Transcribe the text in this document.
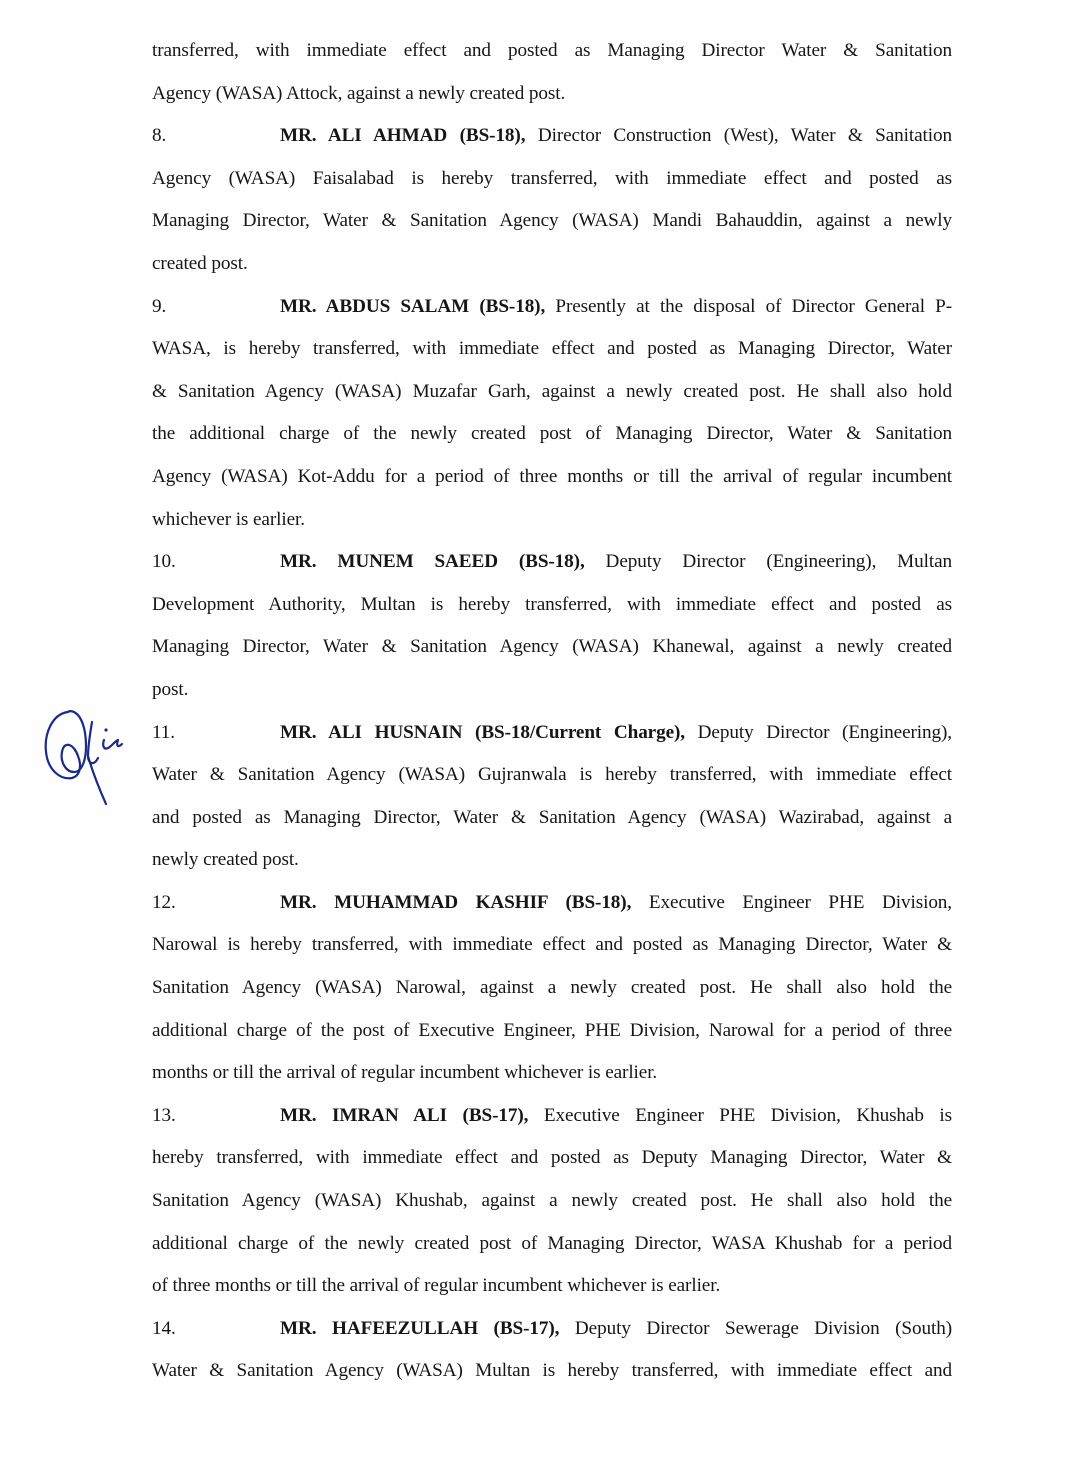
transferred, with immediate effect and posted as Managing Director Water & Sanitation
Agency (WASA) Attock, against a newly created post.
8.	MR. ALI AHMAD (BS-18), Director Construction (West), Water & Sanitation
Agency (WASA) Faisalabad is hereby transferred, with immediate effect and posted as
Managing Director, Water & Sanitation Agency (WASA) Mandi Bahauddin, against a newly
created post.
9.	MR. ABDUS SALAM (BS-18), Presently at the disposal of Director General P-
WASA, is hereby transferred, with immediate effect and posted as Managing Director, Water
& Sanitation Agency (WASA) Muzafar Garh, against a newly created post. He shall also hold
the additional charge of the newly created post of Managing Director, Water & Sanitation
Agency (WASA) Kot-Addu for a period of three months or till the arrival of regular incumbent
whichever is earlier.
10.	MR. MUNEM SAEED (BS-18), Deputy Director (Engineering), Multan
Development Authority, Multan is hereby transferred, with immediate effect and posted as
Managing Director, Water & Sanitation Agency (WASA) Khanewal, against a newly created
post.
11.	MR. ALI HUSNAIN (BS-18/Current Charge), Deputy Director (Engineering),
Water & Sanitation Agency (WASA) Gujranwala is hereby transferred, with immediate effect
and posted as Managing Director, Water & Sanitation Agency (WASA) Wazirabad, against a
newly created post.
12.	MR. MUHAMMAD KASHIF (BS-18), Executive Engineer PHE Division,
Narowal is hereby transferred, with immediate effect and posted as Managing Director, Water &
Sanitation Agency (WASA) Narowal, against a newly created post. He shall also hold the
additional charge of the post of Executive Engineer, PHE Division, Narowal for a period of three
months or till the arrival of regular incumbent whichever is earlier.
13.	MR. IMRAN ALI (BS-17), Executive Engineer PHE Division, Khushab is
hereby transferred, with immediate effect and posted as Deputy Managing Director, Water &
Sanitation Agency (WASA) Khushab, against a newly created post. He shall also hold the
additional charge of the newly created post of Managing Director, WASA Khushab for a period
of three months or till the arrival of regular incumbent whichever is earlier.
14.	MR. HAFEEZULLAH (BS-17), Deputy Director Sewerage Division (South)
Water & Sanitation Agency (WASA) Multan is hereby transferred, with immediate effect and
